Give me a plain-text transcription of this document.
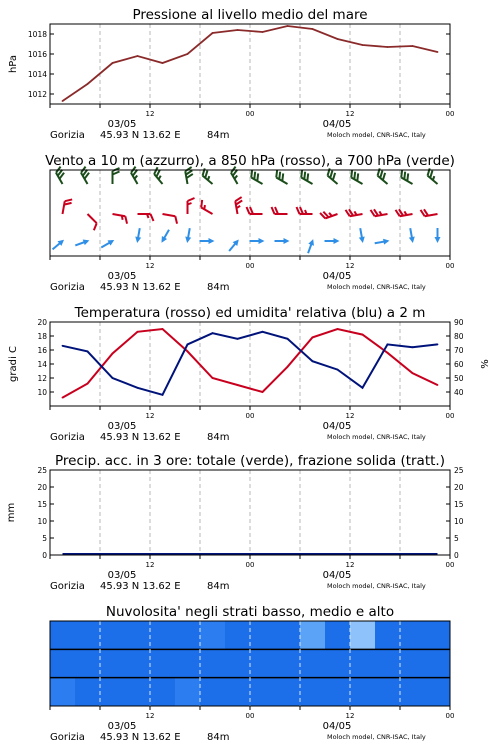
1012
1014
1016
1018
hPa
Pressione al livello medio del mare
12	00	12	00
03/05	04/05
Gorizia 45.93 N 13.62 E	84m	Moloch model, CNR-ISAC, Italy
Vento a 10 m (azzurro), a 850 hPa (rosso), a 700 hPa (verde)
12	00	12	00
03/05	04/05
Gorizia 45.93 N 13.62 E	84m	Moloch model, CNR-ISAC, Italy
10
12
14
16
18
20
40
50
60
70
80
90
gradi C	%
Temperatura (rosso) ed umidita' relativa (blu) a 2 m
12	00	12	00
03/05	04/05
Gorizia 45.93 N 13.62 E	84m	Moloch model, CNR-ISAC, Italy
0	0
5	5
10	10
15	15
20	20
25	25
mm
Precip. acc. in 3 ore: totale (verde), frazione solida (tratt.)
12	00	12	00
03/05	04/05
Gorizia 45.93 N 13.62 E	84m	Moloch model, CNR-ISAC, Italy
Nuvolosita' negli strati basso, medio e alto
12	00	12	00
03/05	04/05
Gorizia 45.93 N 13.62 E	84m	Moloch model, CNR-ISAC, Italy
